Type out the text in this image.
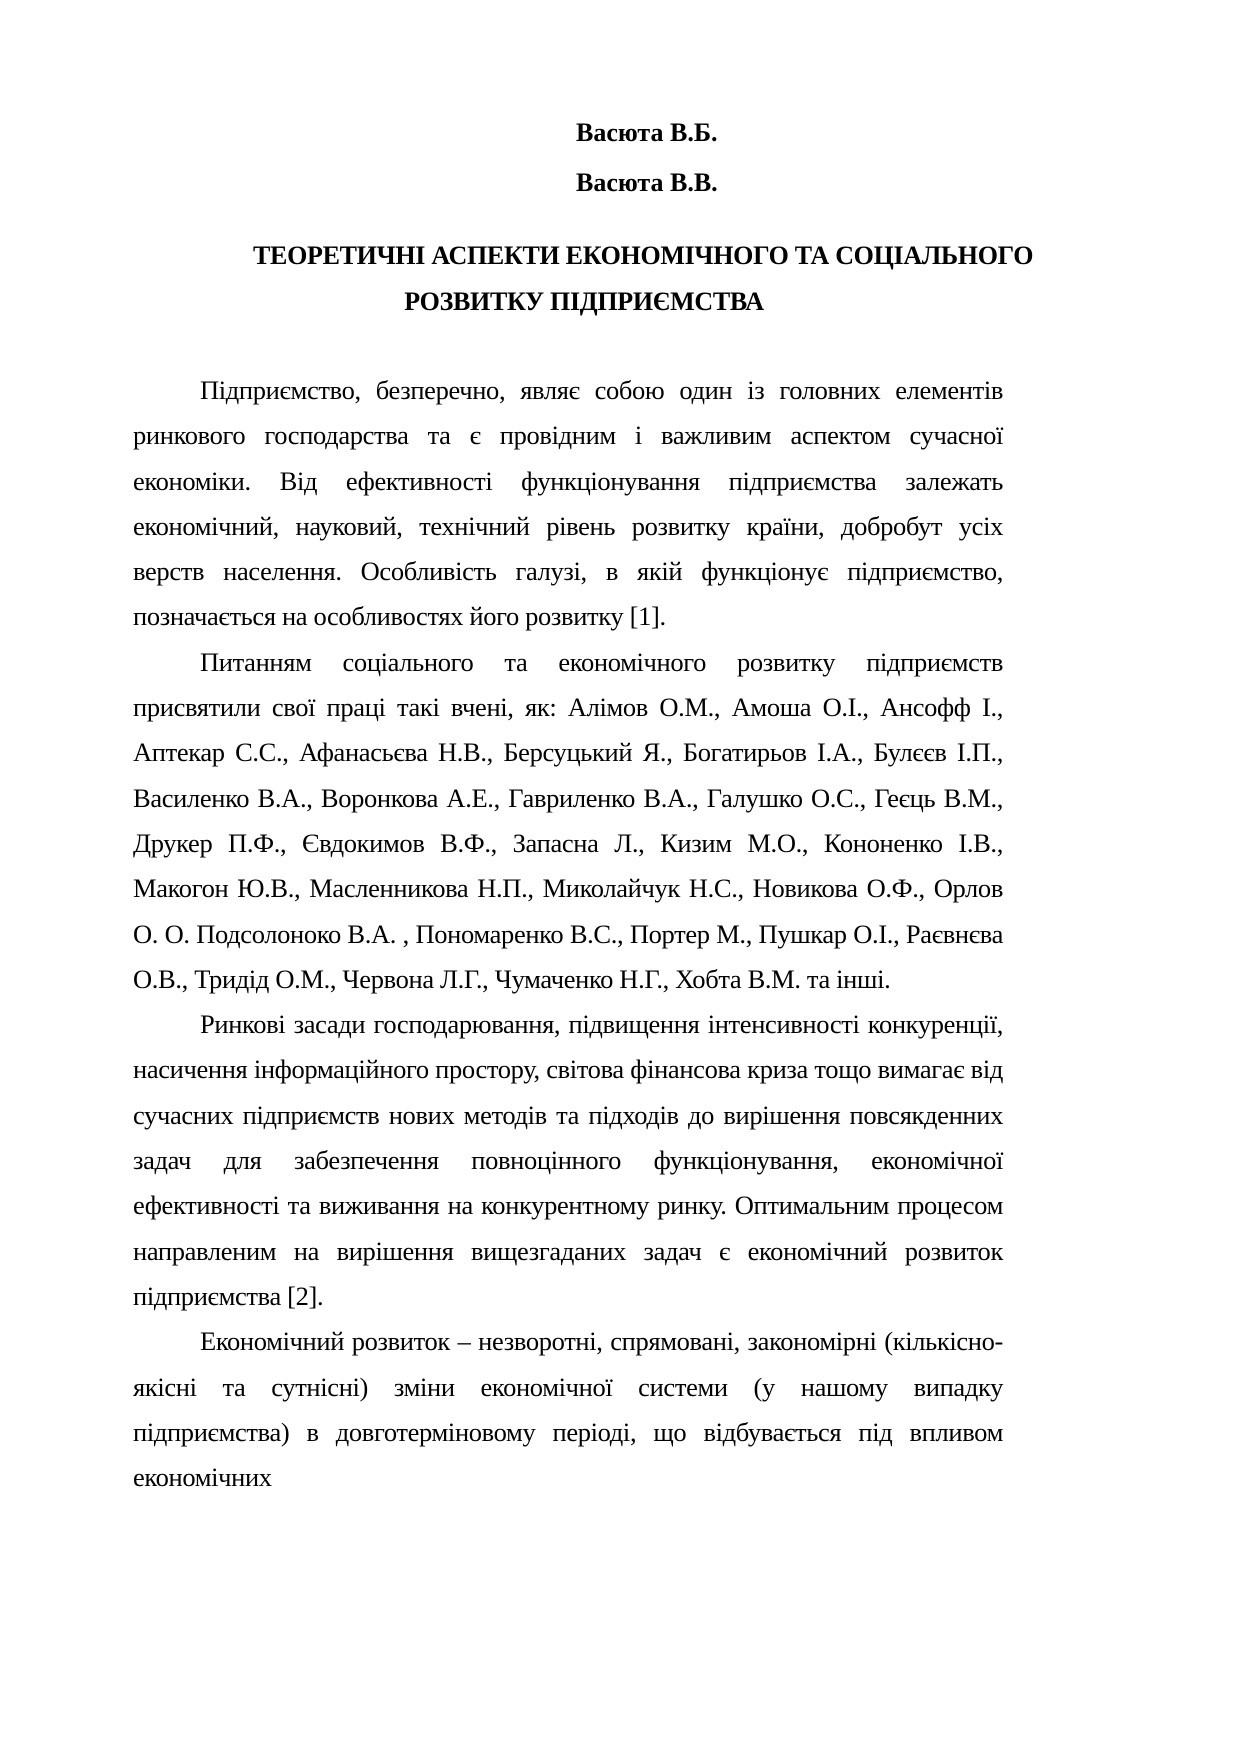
Васюта В.Б.
Васюта В.В.
ТЕОРЕТИЧНІ АСПЕКТИ ЕКОНОМІЧНОГО ТА СОЦІАЛЬНОГО
РОЗВИТКУ ПІДПРИЄМСТВА

Підприємство, безперечно, являє собою один із головних елементів ринкового господарства та є провідним і важливим аспектом сучасної економіки. Від ефективності функціонування підприємства залежать економічний, науковий, технічний рівень розвитку країни, добробут усіх верств населення. Особливість галузі, в якій функціонує підприємство, позначається на особливостях його розвитку [1].

Питанням соціального та економічного розвитку підприємств присвятили свої праці такі вчені, як: Алімов О.М., Амоша О.І., Ансофф І., Аптекар С.С., Афанасьєва Н.В., Берсуцький Я., Богатирьов І.А., Булєєв І.П., Василенко В.А., Воронкова А.Е., Гавриленко В.А., Галушко О.С., Геєць В.М., Друкер П.Ф., Євдокимов В.Ф., Запасна Л., Кизим М.О., Кононенко І.В., Макогон Ю.В., Масленникова Н.П., Миколайчук Н.С., Новикова О.Ф., Орлов О. О. Подсолоноко В.А. , Пономаренко В.С., Портер М., Пушкар О.І., Раєвнєва О.В., Тридід О.М., Червона Л.Г., Чумаченко Н.Г., Хобта В.М. та інші.

Ринкові засади господарювання, підвищення інтенсивності конкуренції, насичення інформаційного простору, світова фінансова криза тощо вимагає від сучасних підприємств нових методів та підходів до вирішення повсякденних задач для забезпечення повноцінного функціонування, економічної ефективності та виживання на конкурентному ринку. Оптимальним процесом направленим на вирішення вищезгаданих задач є економічний розвиток підприємства [2].

Економічний розвиток – незворотні, спрямовані, закономірні (кількісно-якісні та сутнісні) зміни економічної системи (у нашому випадку підприємства) в довготерміновому періоді, що відбувається під впливом економічних
